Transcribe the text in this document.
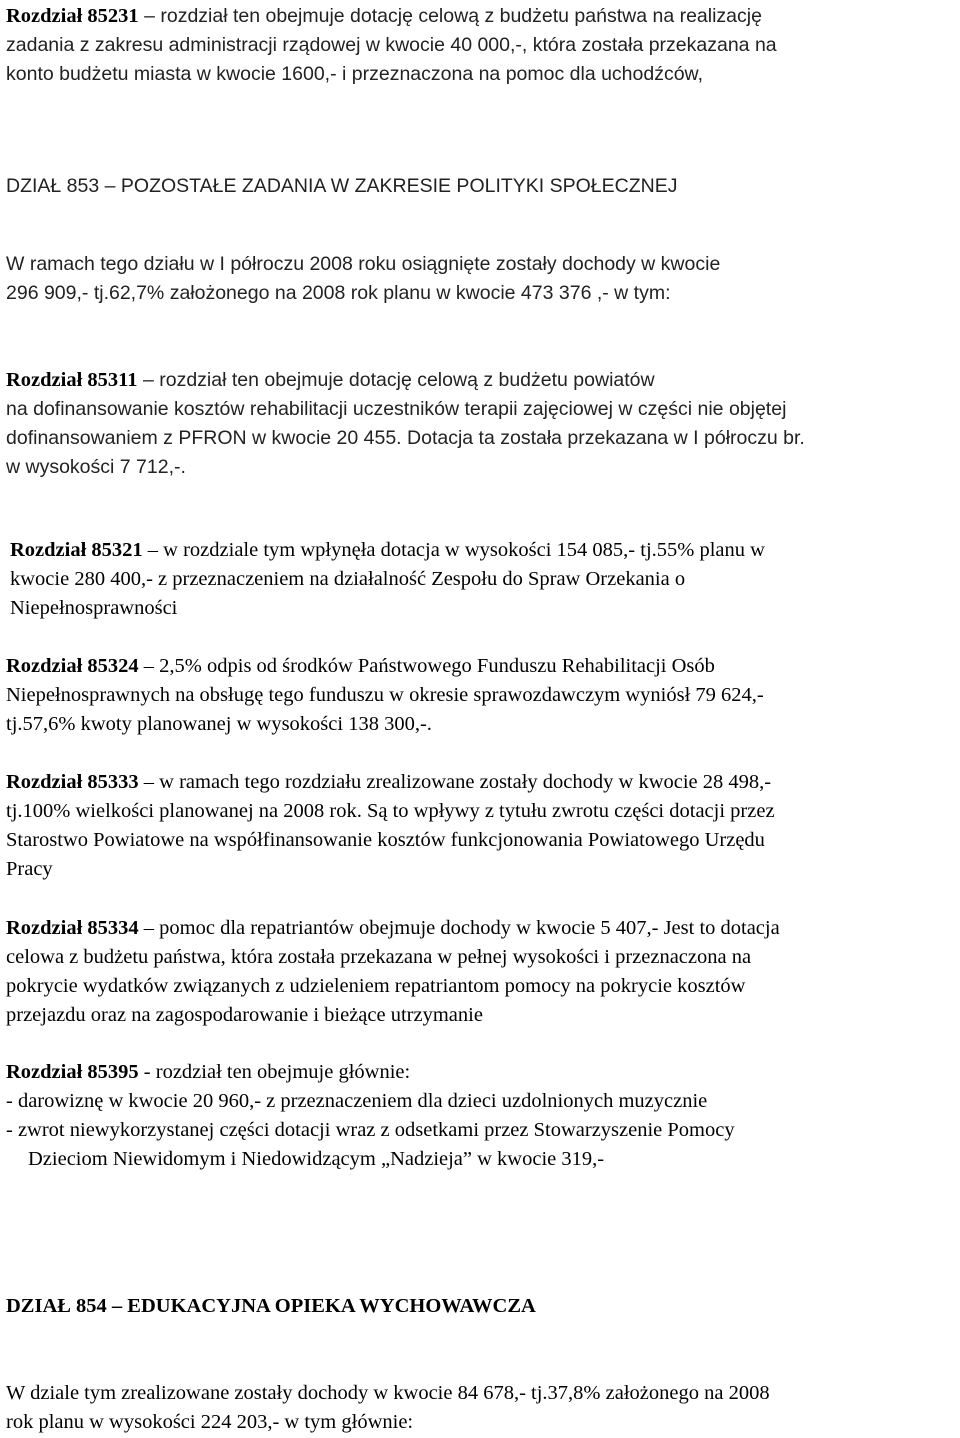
Rozdział 85231 – rozdział ten obejmuje dotację celową z budżetu państwa na realizację
zadania z zakresu administracji rządowej w kwocie 40 000,-, która została przekazana na
konto budżetu miasta w kwocie 1600,- i przeznaczona na pomoc dla uchodźców,
DZIAŁ 853 – POZOSTAŁE ZADANIA W ZAKRESIE POLITYKI SPOŁECZNEJ
W ramach tego działu w I półroczu 2008 roku osiągnięte zostały dochody w kwocie
296 909,- tj.62,7% założonego na 2008 rok planu w kwocie 473 376 ,- w tym:
Rozdział 85311 – rozdział ten obejmuje dotację celową z budżetu powiatów
na dofinansowanie kosztów rehabilitacji uczestników terapii zajęciowej w części nie objętej
dofinansowaniem z PFRON w kwocie 20 455. Dotacja ta została przekazana w I półroczu br.
w wysokości 7 712,-.
Rozdział 85321 – w rozdziale tym wpłynęła dotacja w wysokości 154 085,- tj.55% planu w
kwocie 280 400,- z przeznaczeniem na działalność Zespołu do Spraw Orzekania o
Niepełnosprawności
Rozdział 85324 – 2,5% odpis od środków Państwowego Funduszu Rehabilitacji Osób
Niepełnosprawnych na obsługę tego funduszu w okresie sprawozdawczym wyniósł 79 624,-
tj.57,6% kwoty planowanej w wysokości 138 300,-.
Rozdział 85333 – w ramach tego rozdziału zrealizowane zostały dochody w kwocie 28 498,-
tj.100% wielkości planowanej na 2008 rok. Są to wpływy z tytułu zwrotu części dotacji przez
Starostwo Powiatowe na współfinansowanie kosztów funkcjonowania Powiatowego Urzędu
Pracy
Rozdział 85334 – pomoc dla repatriantów obejmuje dochody w kwocie 5 407,- Jest to dotacja
celowa z budżetu państwa, która została przekazana w pełnej wysokości i przeznaczona na
pokrycie wydatków związanych z udzieleniem repatriantom pomocy na pokrycie kosztów
przejazdu oraz na zagospodarowanie i bieżące utrzymanie
Rozdział 85395 - rozdział ten obejmuje głównie:
- darowiznę w kwocie 20 960,- z przeznaczeniem dla dzieci uzdolnionych muzycznie
- zwrot niewykorzystanej części dotacji wraz z odsetkami przez Stowarzyszenie Pomocy
Dzieciom Niewidomym i Niedowidzącym „Nadzieja” w kwocie 319,-
DZIAŁ 854 – EDUKACYJNA OPIEKA WYCHOWAWCZA
W dziale tym zrealizowane zostały dochody w kwocie 84 678,- tj.37,8% założonego na 2008
rok planu w wysokości 224 203,- w tym głównie:
